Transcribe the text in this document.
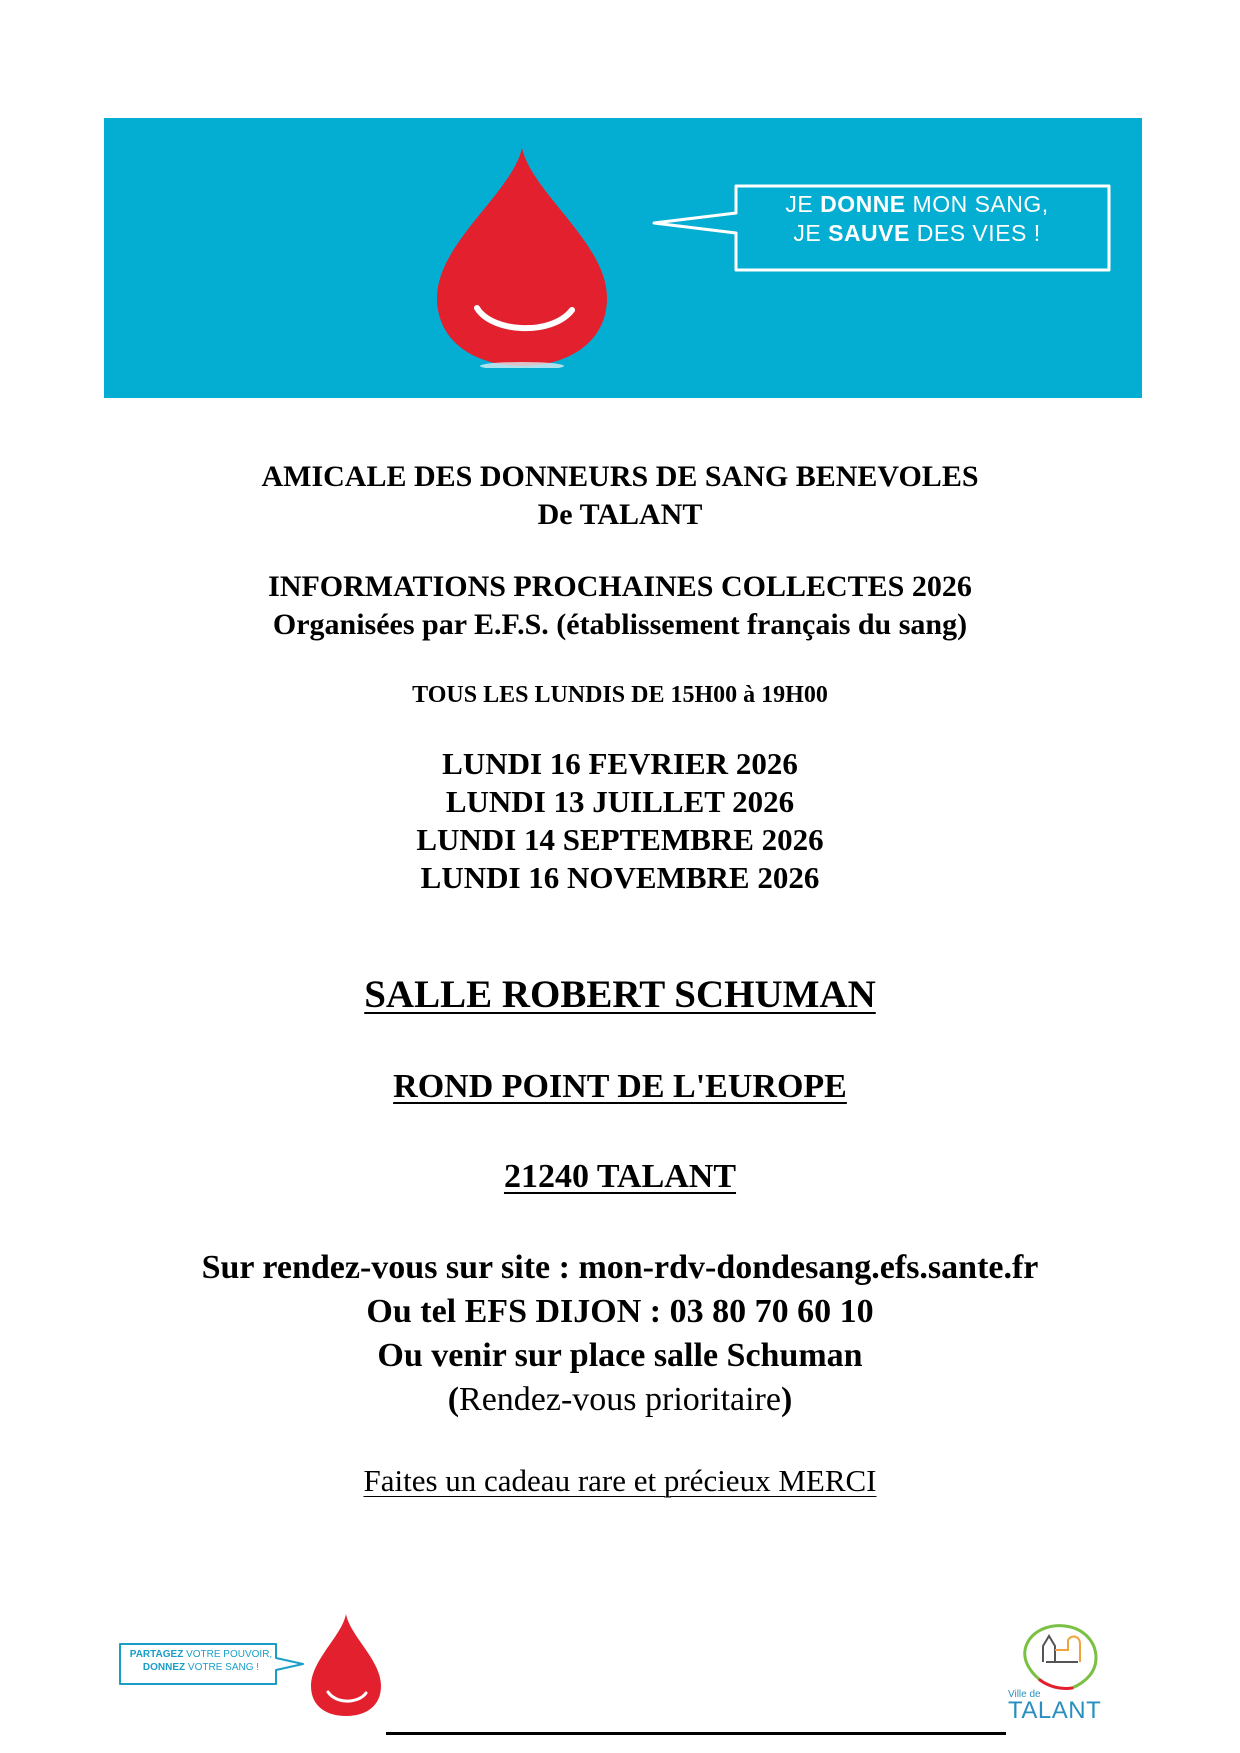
JE DONNE MON SANG,
JE SAUVE DES VIES !
AMICALE DES DONNEURS DE SANG BENEVOLES
De TALANT
INFORMATIONS PROCHAINES COLLECTES 2026
Organisées par E.F.S. (établissement français du sang)
TOUS LES LUNDIS DE 15H00 à 19H00
LUNDI 16 FEVRIER 2026
LUNDI 13 JUILLET 2026
LUNDI 14 SEPTEMBRE 2026
LUNDI 16 NOVEMBRE 2026
SALLE ROBERT SCHUMAN
ROND POINT DE L'EUROPE
21240 TALANT
Sur rendez-vous sur site : mon-rdv-dondesang.efs.sante.fr
Ou tel EFS DIJON : 03 80 70 60 10
Ou venir sur place salle Schuman
(Rendez-vous prioritaire)
Faites un cadeau rare et précieux MERCI
PARTAGEZ VOTRE POUVOIR,
DONNEZ VOTRE SANG !
Ville de
TALANT
